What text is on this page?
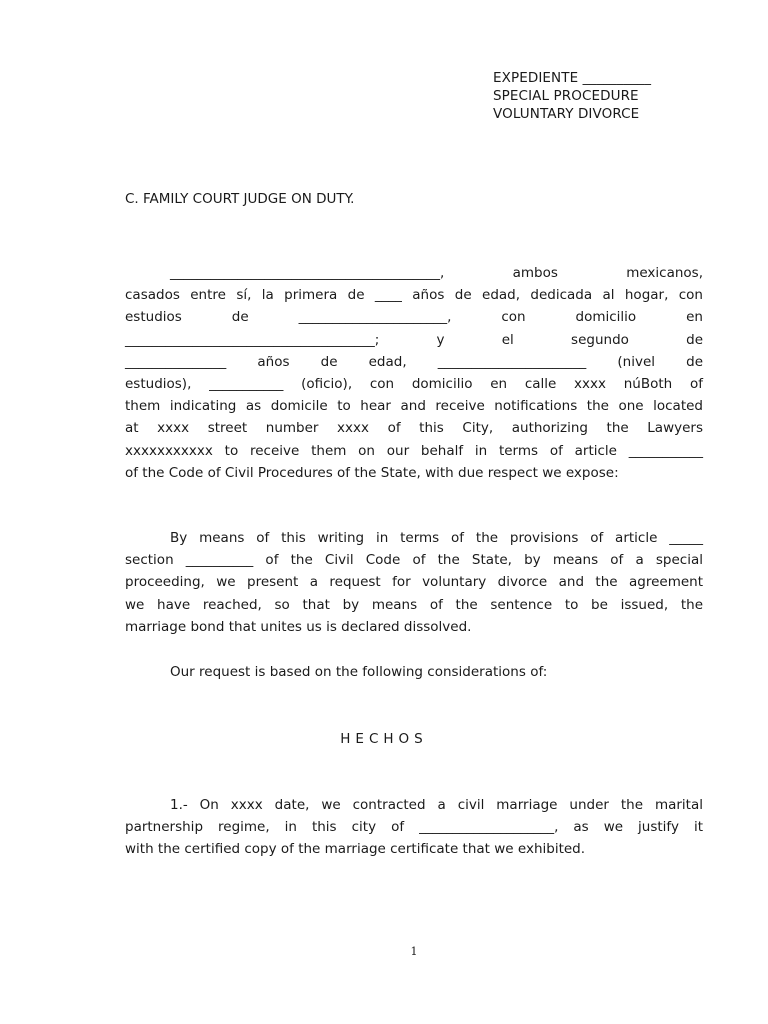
EXPEDIENTE __________
SPECIAL PROCEDURE
VOLUNTARY DIVORCE
C. FAMILY COURT JUDGE ON DUTY.
________________________________________, ambos mexicanos,
casados entre sí, la primera de ____ años de edad, dedicada al hogar, con
estudios de ______________________, con domicilio en
_____________________________________; y el segundo de
_______________ años de edad, ______________________ (nivel de
estudios), ___________ (oficio), con domicilio en calle xxxx núBoth of
them indicating as domicile to hear and receive notifications the one located
at xxxx street number xxxx of this City, authorizing the Lawyers
xxxxxxxxxxx to receive them on our behalf in terms of article ___________
of the Code of Civil Procedures of the State, with due respect we expose:
By means of this writing in terms of the provisions of article _____
section __________ of the Civil Code of the State, by means of a special
proceeding, we present a request for voluntary divorce and the agreement
we have reached, so that by means of the sentence to be issued, the
marriage bond that unites us is declared dissolved.
Our request is based on the following considerations of:
HECHOS
1.- On xxxx date, we contracted a civil marriage under the marital
partnership regime, in this city of ____________________, as we justify it
with the certified copy of the marriage certificate that we exhibited.
1
